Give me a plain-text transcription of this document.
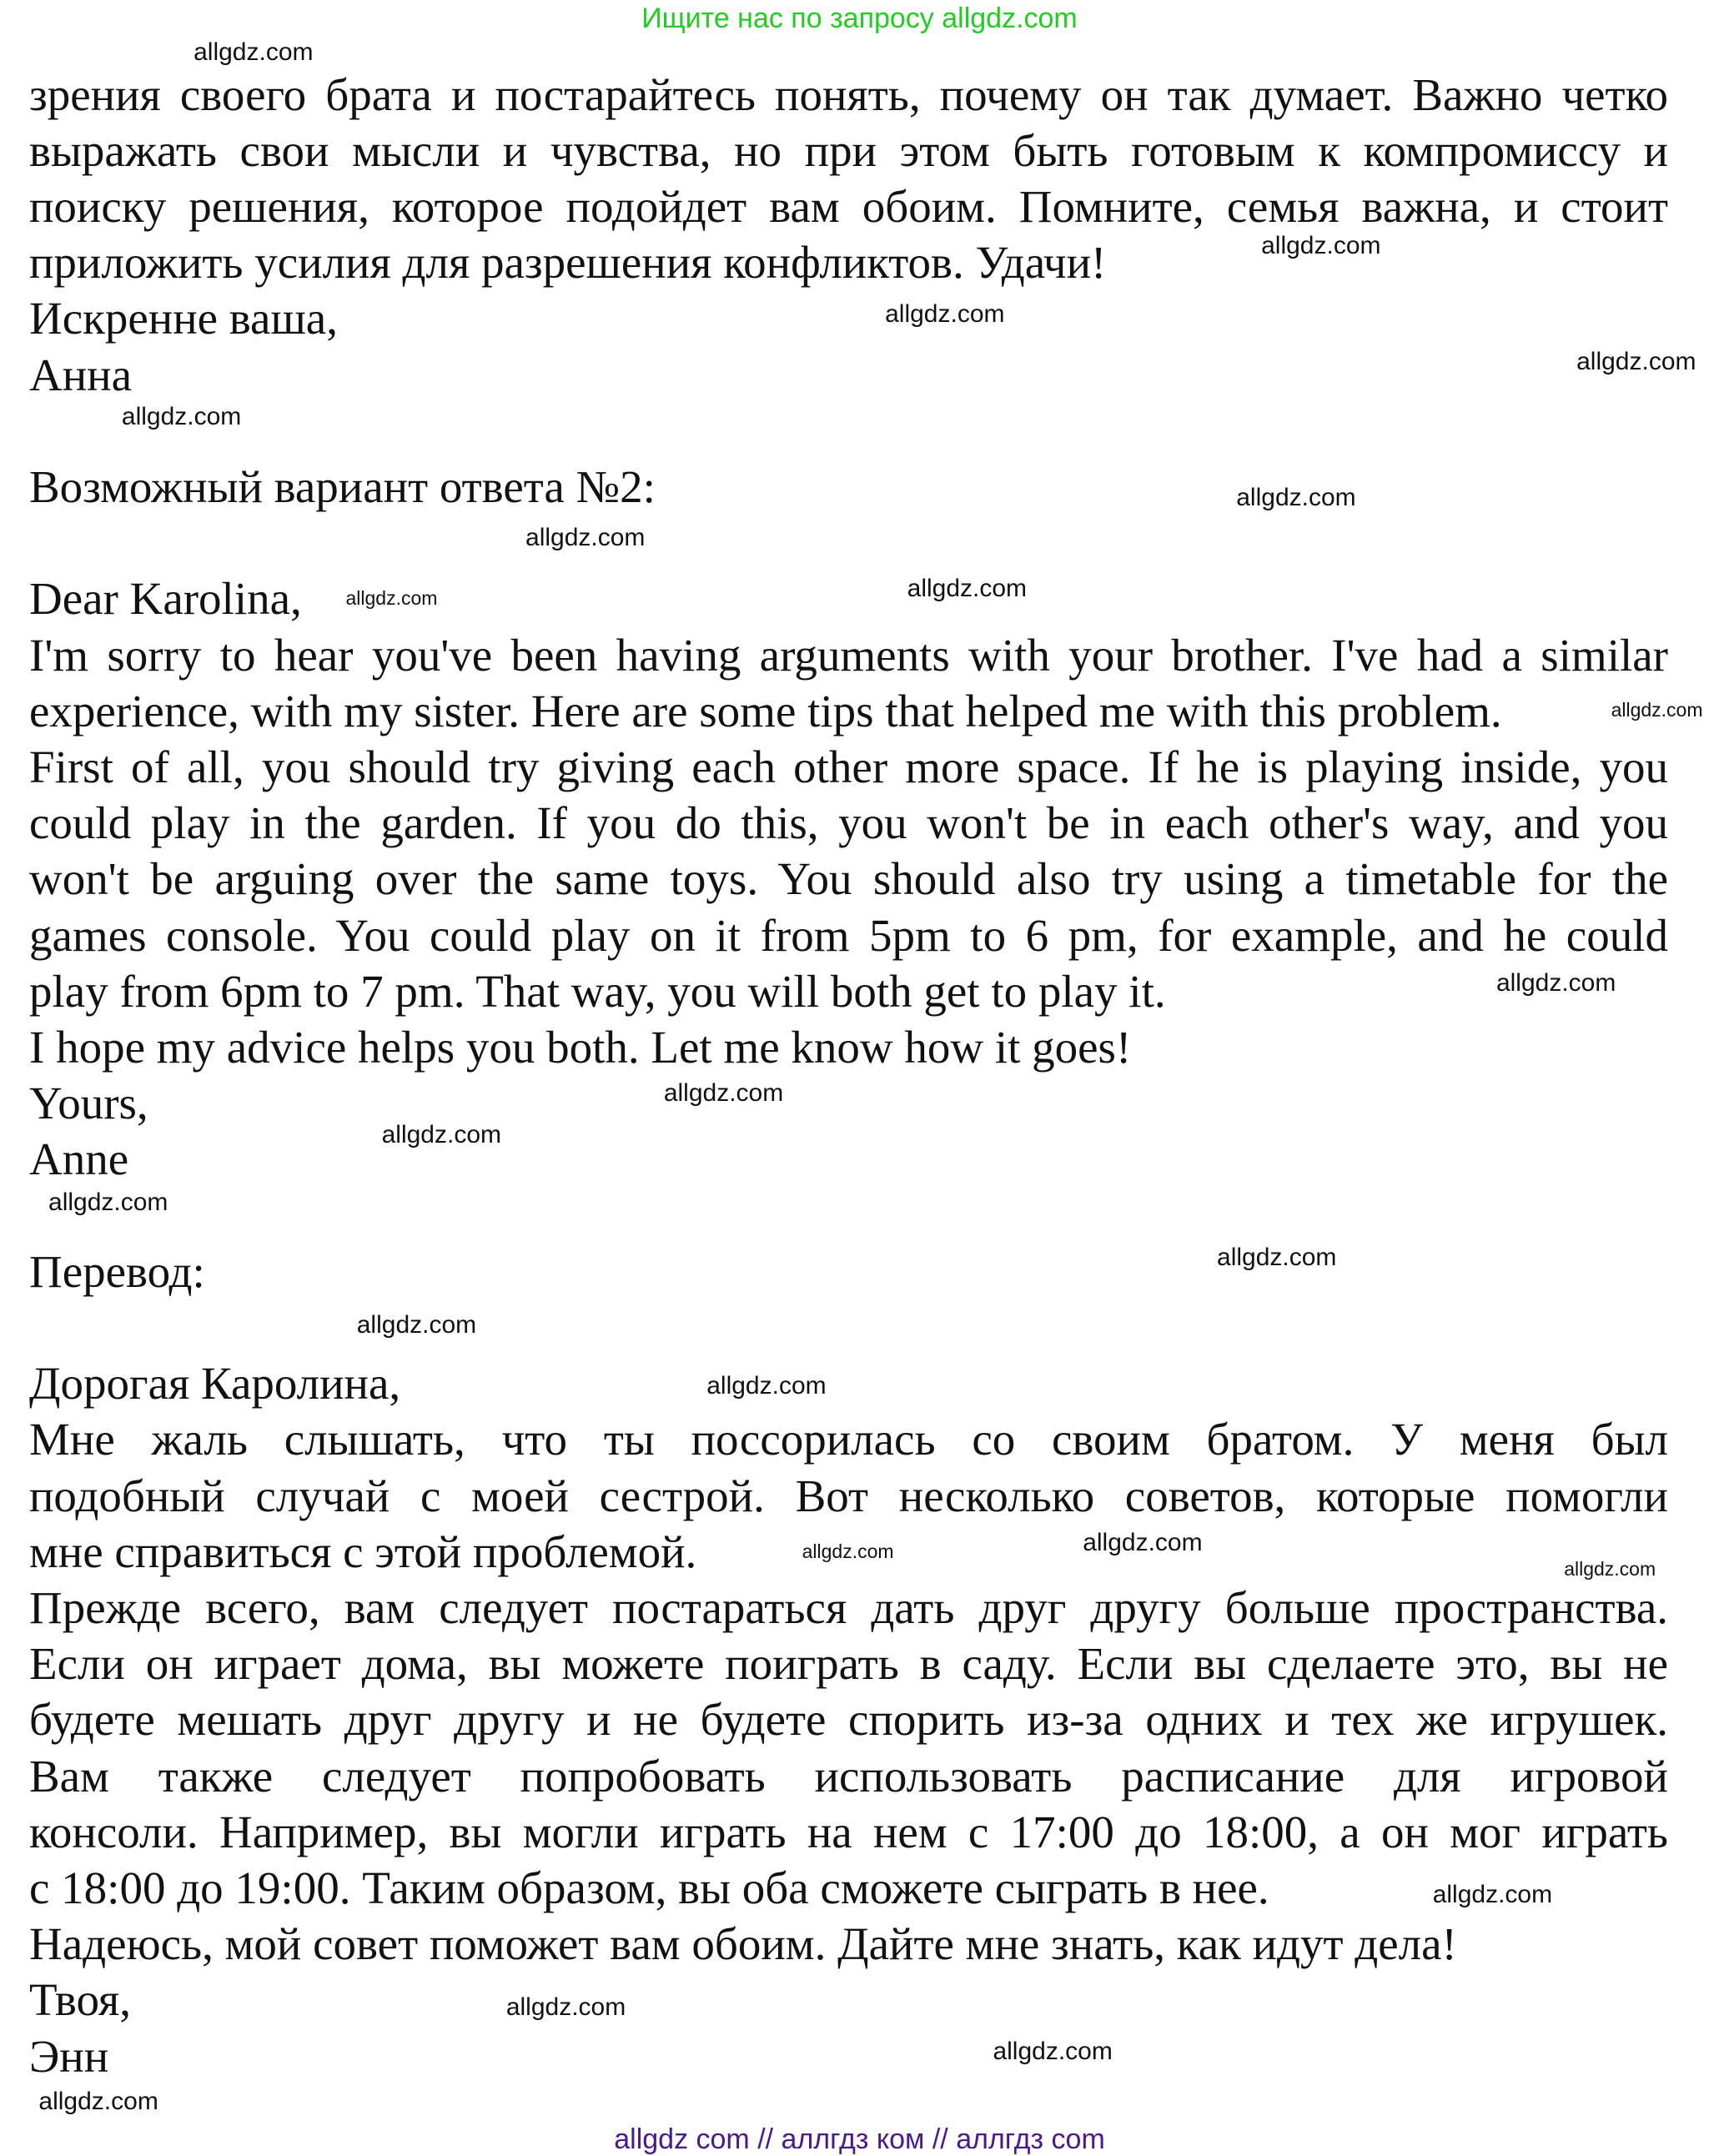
Ищите нас по запросу allgdz.com
зрения своего брата и постарайтесь понять, почему он так думает. Важно четко
выражать свои мысли и чувства, но при этом быть готовым к компромиссу и
поиску решения, которое подойдет вам обоим. Помните, семья важна, и стоит
приложить усилия для разрешения конфликтов. Удачи!
Искренне ваша,
Анна
Возможный вариант ответа №2:
Dear Karolina,
I'm sorry to hear you've been having arguments with your brother. I've had a similar
experience, with my sister. Here are some tips that helped me with this problem.
First of all, you should try giving each other more space. If he is playing inside, you
could play in the garden. If you do this, you won't be in each other's way, and you
won't be arguing over the same toys. You should also try using a timetable for the
games console. You could play on it from 5pm to 6 pm, for example, and he could
play from 6pm to 7 pm. That way, you will both get to play it.
I hope my advice helps you both. Let me know how it goes!
Yours,
Anne
Перевод:
Дорогая Каролина,
Мне жаль слышать, что ты поссорилась со своим братом. У меня был
подобный случай с моей сестрой. Вот несколько советов, которые помогли
мне справиться с этой проблемой.
Прежде всего, вам следует постараться дать друг другу больше пространства.
Если он играет дома, вы можете поиграть в саду. Если вы сделаете это, вы не
будете мешать друг другу и не будете спорить из-за одних и тех же игрушек.
Вам также следует попробовать использовать расписание для игровой
консоли. Например, вы могли играть на нем с 17:00 до 18:00, а он мог играть
с 18:00 до 19:00. Таким образом, вы оба сможете сыграть в нее.
Надеюсь, мой совет поможет вам обоим. Дайте мне знать, как идут дела!
Твоя,
Энн
allgdz.com
allgdz.com
allgdz.com
allgdz.com
allgdz.com
allgdz.com
allgdz.com
allgdz.com
allgdz.com
allgdz.com
allgdz.com
allgdz.com
allgdz.com
allgdz.com
allgdz.com
allgdz.com
allgdz.com
allgdz.com
allgdz.com
allgdz.com
allgdz.com
allgdz.com
allgdz.com
allgdz.com
allgdz com // аллгдз ком // аллгдз com
